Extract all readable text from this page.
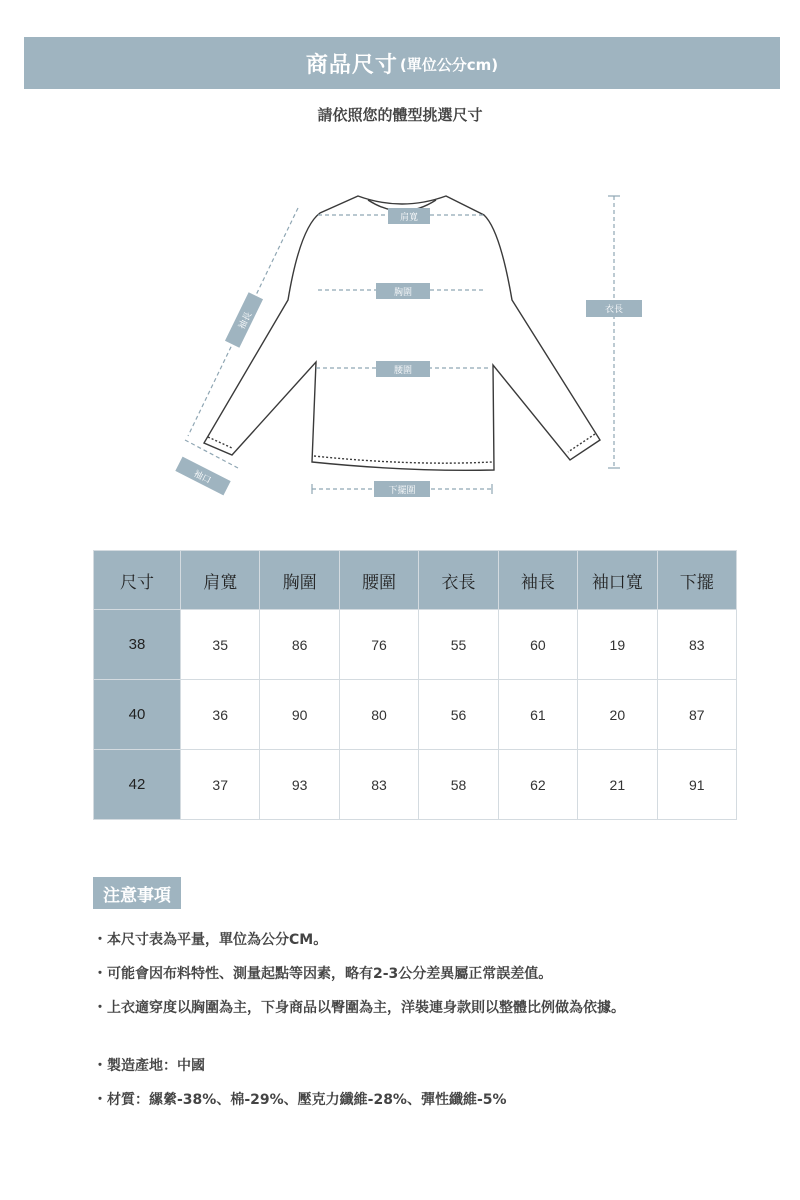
商品尺寸 (單位公分cm)
請依照您的體型挑選尺寸
肩寬
胸圍
腰圍
衣長
下擺圍
袖長
袖口
尺寸	肩寬	胸圍	腰圍	衣長	袖長	袖口寬	下擺
38	35	86	76	55	60	19	83
40	36	90	80	56	61	20	87
42	37	93	83	58	62	21	91
注意事項
・ 本尺寸表為平量，單位為公分CM。
・ 可能會因布料特性、測量起點等因素，略有2-3公分差異屬正常誤差值。
・ 上衣適穿度以胸圍為主，下身商品以臀圍為主，洋裝連身款則以整體比例做為依據。
・ 製造產地：中國
・ 材質：縲縈-38%、棉-29%、壓克力纖維-28%、彈性纖維-5%
